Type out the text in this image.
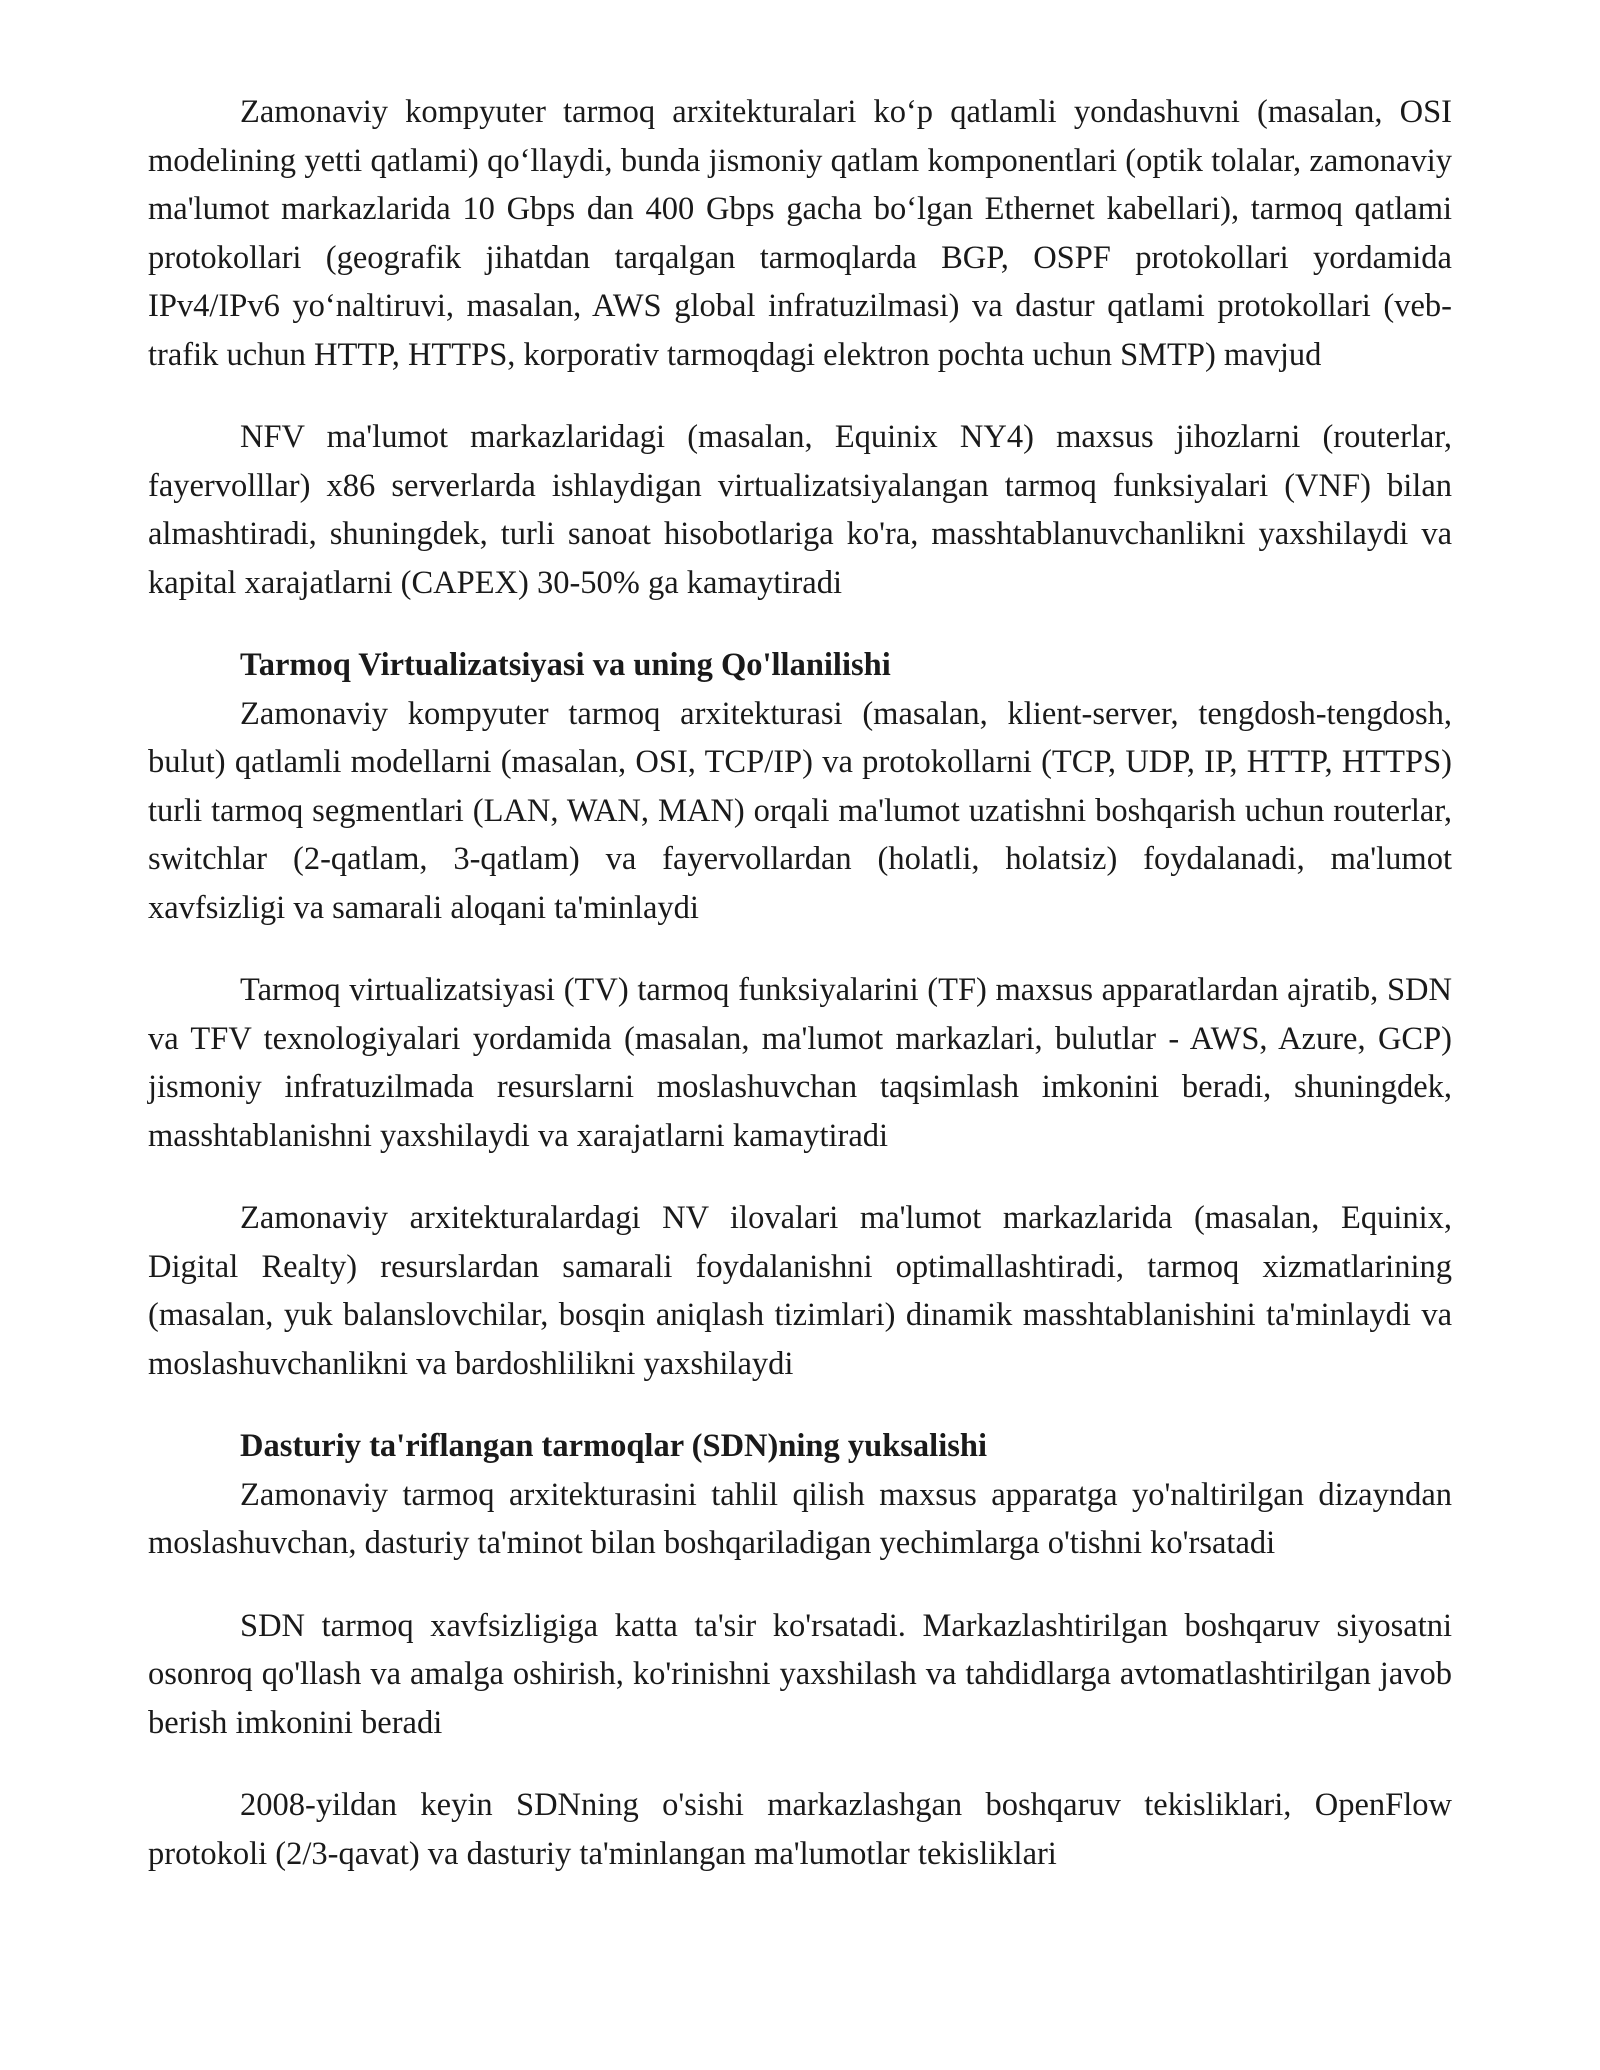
Zamonaviy kompyuter tarmoq arxitekturalari ko‘p qatlamli yondashuvni (masalan, OSI modelining yetti qatlami) qo‘llaydi, bunda jismoniy qatlam komponentlari (optik tolalar, zamonaviy ma'lumot markazlarida 10 Gbps dan 400 Gbps gacha bo‘lgan Ethernet kabellari), tarmoq qatlami protokollari (geografik jihatdan tarqalgan tarmoqlarda BGP, OSPF protokollari yordamida IPv4/IPv6 yo‘naltiruvi, masalan, AWS global infratuzilmasi) va dastur qatlami protokollari (veb-trafik uchun HTTP, HTTPS, korporativ tarmoqdagi elektron pochta uchun SMTP) mavjud

NFV ma'lumot markazlaridagi (masalan, Equinix NY4) maxsus jihozlarni (routerlar, fayervolllar) x86 serverlarda ishlaydigan virtualizatsiyalangan tarmoq funksiyalari (VNF) bilan almashtiradi, shuningdek, turli sanoat hisobotlariga ko'ra, masshtablanuvchanlikni yaxshilaydi va kapital xarajatlarni (CAPEX) 30-50% ga kamaytiradi

Tarmoq Virtualizatsiyasi va uning Qo'llanilishi

Zamonaviy kompyuter tarmoq arxitekturasi (masalan, klient-server, tengdosh-tengdosh, bulut) qatlamli modellarni (masalan, OSI, TCP/IP) va protokollarni (TCP, UDP, IP, HTTP, HTTPS) turli tarmoq segmentlari (LAN, WAN, MAN) orqali ma'lumot uzatishni boshqarish uchun routerlar, switchlar (2-qatlam, 3-qatlam) va fayervollardan (holatli, holatsiz) foydalanadi, ma'lumot xavfsizligi va samarali aloqani ta'minlaydi

Tarmoq virtualizatsiyasi (TV) tarmoq funksiyalarini (TF) maxsus apparatlardan ajratib, SDN va TFV texnologiyalari yordamida (masalan, ma'lumot markazlari, bulutlar - AWS, Azure, GCP) jismoniy infratuzilmada resurslarni moslashuvchan taqsimlash imkonini beradi, shuningdek, masshtablanishni yaxshilaydi va xarajatlarni kamaytiradi

Zamonaviy arxitekturalardagi NV ilovalari ma'lumot markazlarida (masalan, Equinix, Digital Realty) resurslardan samarali foydalanishni optimallashtiradi, tarmoq xizmatlarining (masalan, yuk balanslovchilar, bosqin aniqlash tizimlari) dinamik masshtablanishini ta'minlaydi va moslashuvchanlikni va bardoshlilikni yaxshilaydi

Dasturiy ta'riflangan tarmoqlar (SDN)ning yuksalishi

Zamonaviy tarmoq arxitekturasini tahlil qilish maxsus apparatga yo'naltirilgan dizayndan moslashuvchan, dasturiy ta'minot bilan boshqariladigan yechimlarga o'tishni ko'rsatadi

SDN tarmoq xavfsizligiga katta ta'sir ko'rsatadi. Markazlashtirilgan boshqaruv siyosatni osonroq qo'llash va amalga oshirish, ko'rinishni yaxshilash va tahdidlarga avtomatlashtirilgan javob berish imkonini beradi

2008-yildan keyin SDNning o'sishi markazlashgan boshqaruv tekisliklari, OpenFlow protokoli (2/3-qavat) va dasturiy ta'minlangan ma'lumotlar tekisliklari
